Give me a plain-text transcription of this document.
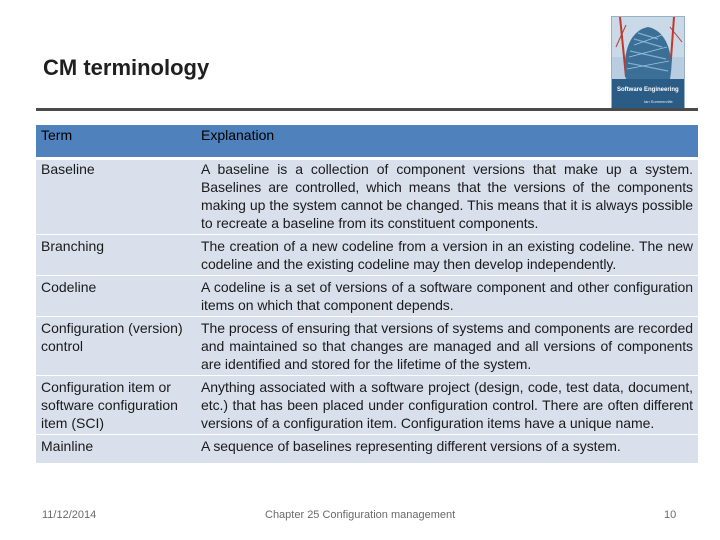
CM terminology
Software Engineering
Ian Sommerville
Term	Explanation
Baseline	A baseline is a collection of component versions that make up a system. Baselines are controlled, which means that the versions of the components making up the system cannot be changed. This means that it is always possible to recreate a baseline from its constituent components.
Branching	The creation of a new codeline from a version in an existing codeline. The new codeline and the existing codeline may then develop independently.
Codeline	A codeline is a set of versions of a software component and other configuration items on which that component depends.
Configuration (version) control	The process of ensuring that versions of systems and components are recorded and maintained so that changes are managed and all versions of components are identified and stored for the lifetime of the system.
Configuration item or software configuration item (SCI)	Anything associated with a software project (design, code, test data, document, etc.) that has been placed under configuration control. There are often different versions of a configuration item. Configuration items have a unique name.
Mainline	A sequence of baselines representing different versions of a system.
11/12/2014	Chapter 25 Configuration management	10
